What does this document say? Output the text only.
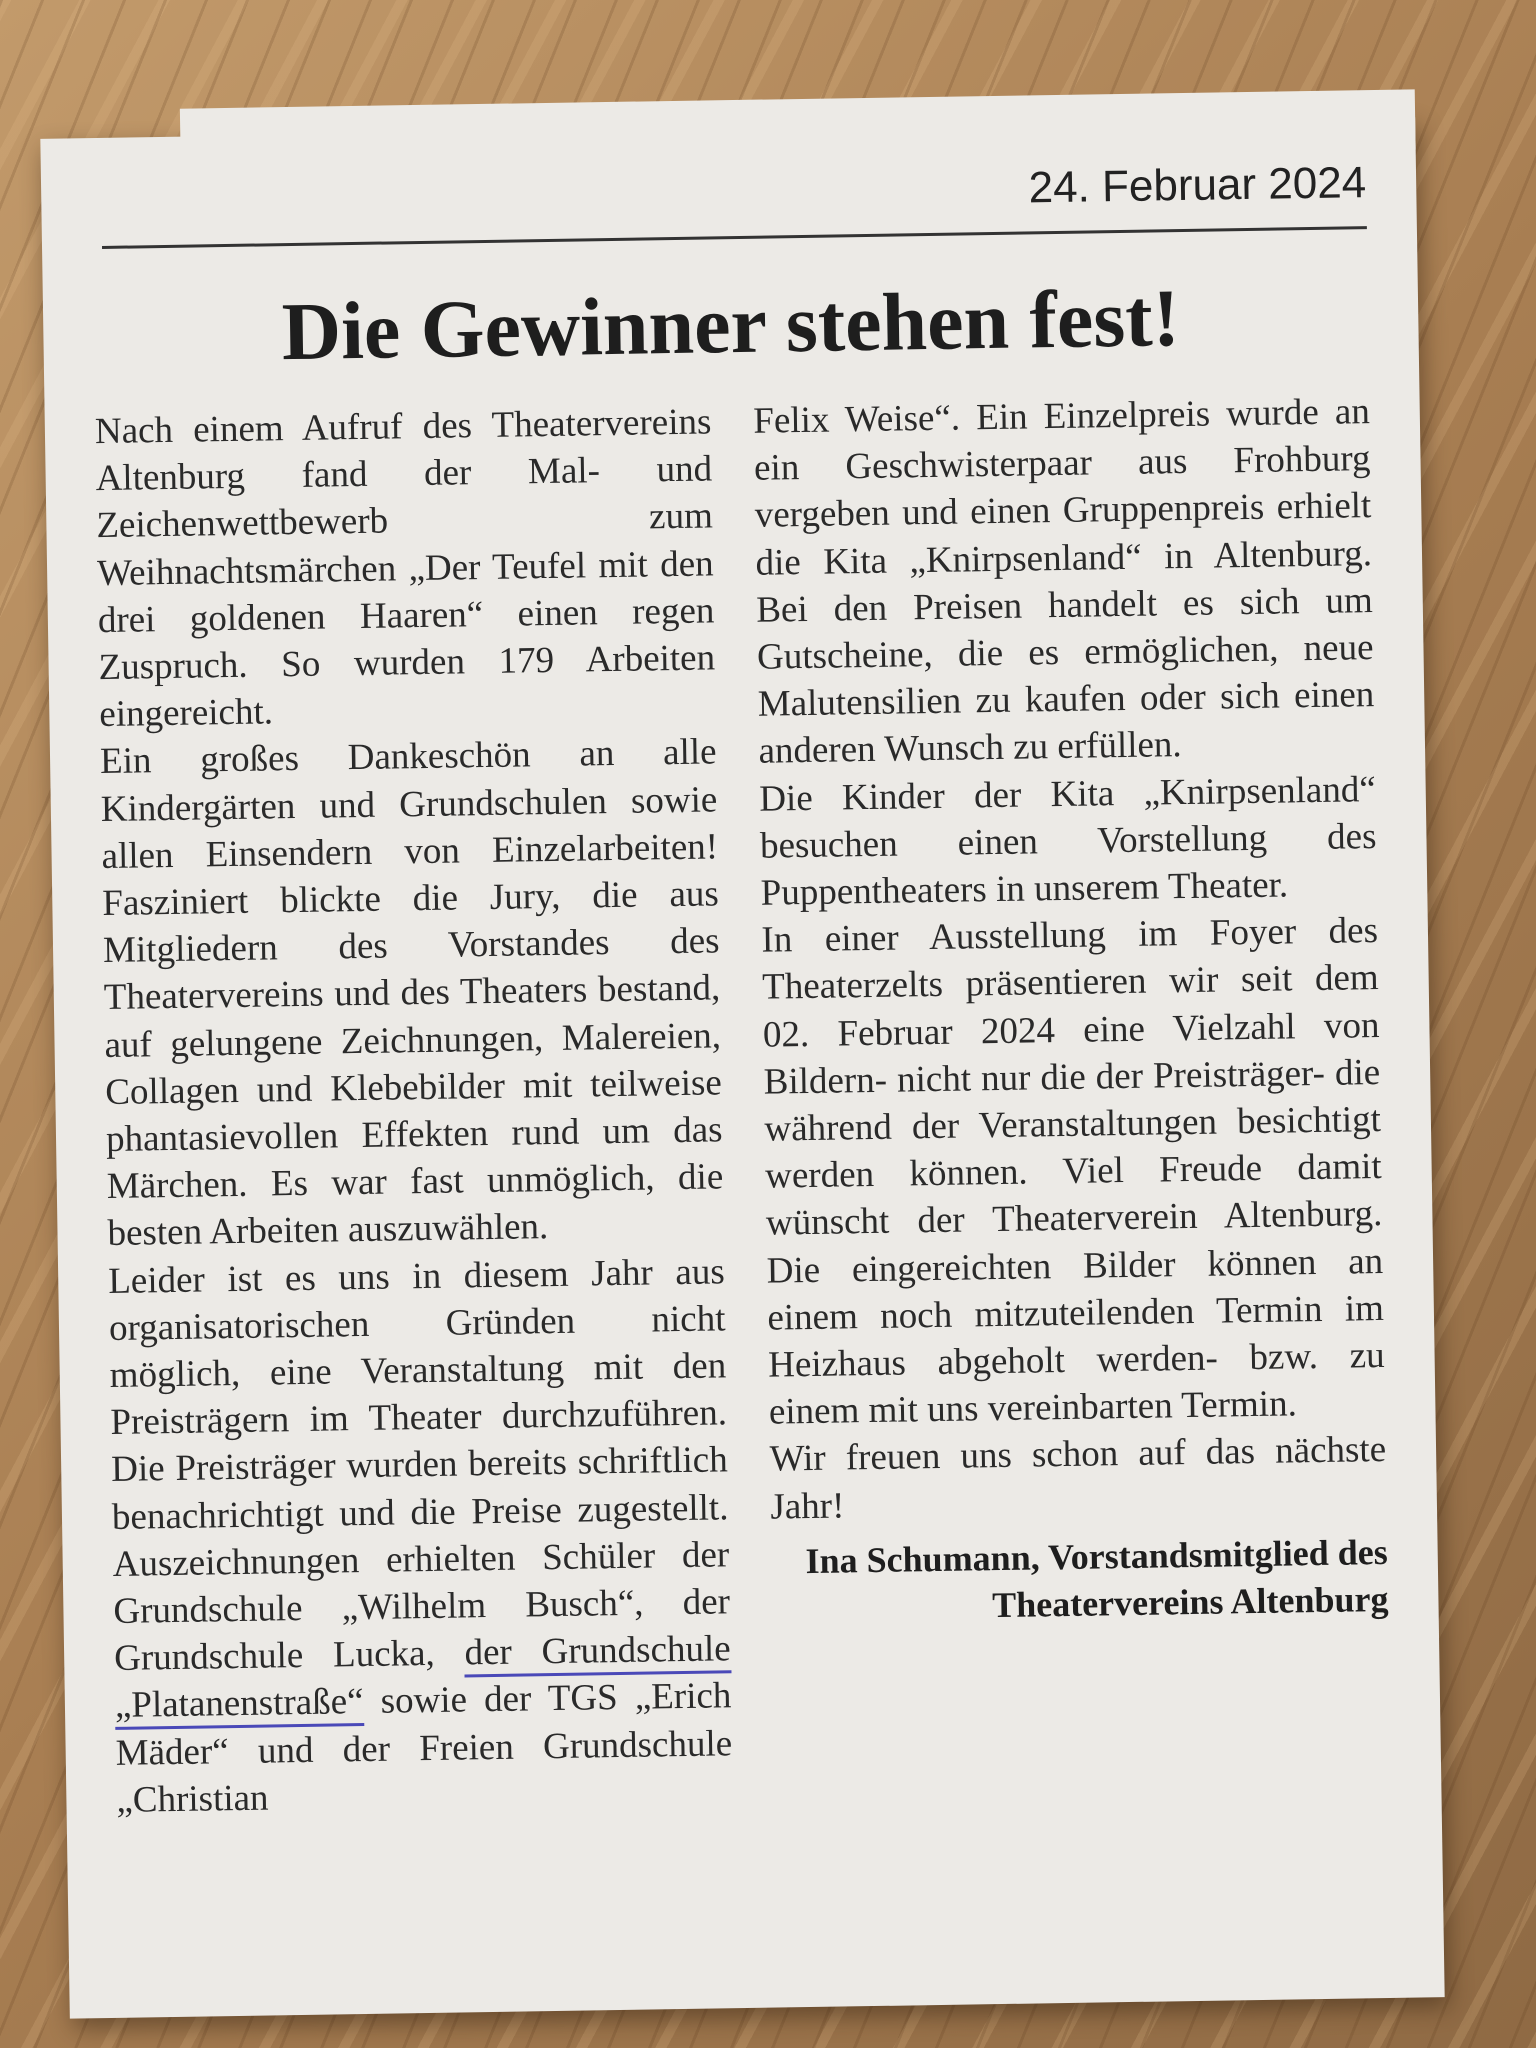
24. Februar 2024
Die Gewinner stehen fest!

Nach einem Aufruf des Theatervereins Altenburg fand der Mal- und Zeichenwettbewerb zum Weihnachtsmärchen „Der Teufel mit den drei goldenen Haaren“ einen regen Zuspruch. So wurden 179 Arbeiten eingereicht.

Ein großes Dankeschön an alle Kindergärten und Grundschulen sowie allen Einsendern von Einzelarbeiten! Fasziniert blickte die Jury, die aus Mitgliedern des Vorstandes des Theatervereins und des Theaters bestand, auf gelungene Zeichnungen, Malereien, Collagen und Klebebilder mit teilweise phantasievollen Effekten rund um das Märchen. Es war fast unmöglich, die besten Arbeiten auszuwählen.

Leider ist es uns in diesem Jahr aus organisatorischen Gründen nicht möglich, eine Veranstaltung mit den Preisträgern im Theater durchzuführen. Die Preisträger wurden bereits schriftlich benachrichtigt und die Preise zugestellt. Auszeichnungen erhielten Schüler der Grundschule „Wilhelm Busch“, der Grundschule Lucka, der Grundschule „Platanenstraße“ sowie der TGS „Erich Mäder“ und der Freien Grundschule „Christian

Felix Weise“. Ein Einzelpreis wurde an ein Geschwisterpaar aus Frohburg vergeben und einen Gruppenpreis erhielt die Kita „Knirpsenland“ in Altenburg. Bei den Preisen handelt es sich um Gutscheine, die es ermöglichen, neue Malutensilien zu kaufen oder sich einen anderen Wunsch zu erfüllen.

Die Kinder der Kita „Knirpsenland“ besuchen einen Vorstellung des Puppentheaters in unserem Theater.

In einer Ausstellung im Foyer des Theaterzelts präsentieren wir seit dem 02. Februar 2024 eine Vielzahl von Bildern- nicht nur die der Preisträger- die während der Veranstaltungen besichtigt werden können. Viel Freude damit wünscht der Theaterverein Altenburg. Die eingereichten Bilder können an einem noch mitzuteilenden Termin im Heizhaus abgeholt werden- bzw. zu einem mit uns vereinbarten Termin.

Wir freuen uns schon auf das nächste Jahr!

Ina Schumann, Vorstandsmitglied des Theatervereins Altenburg
